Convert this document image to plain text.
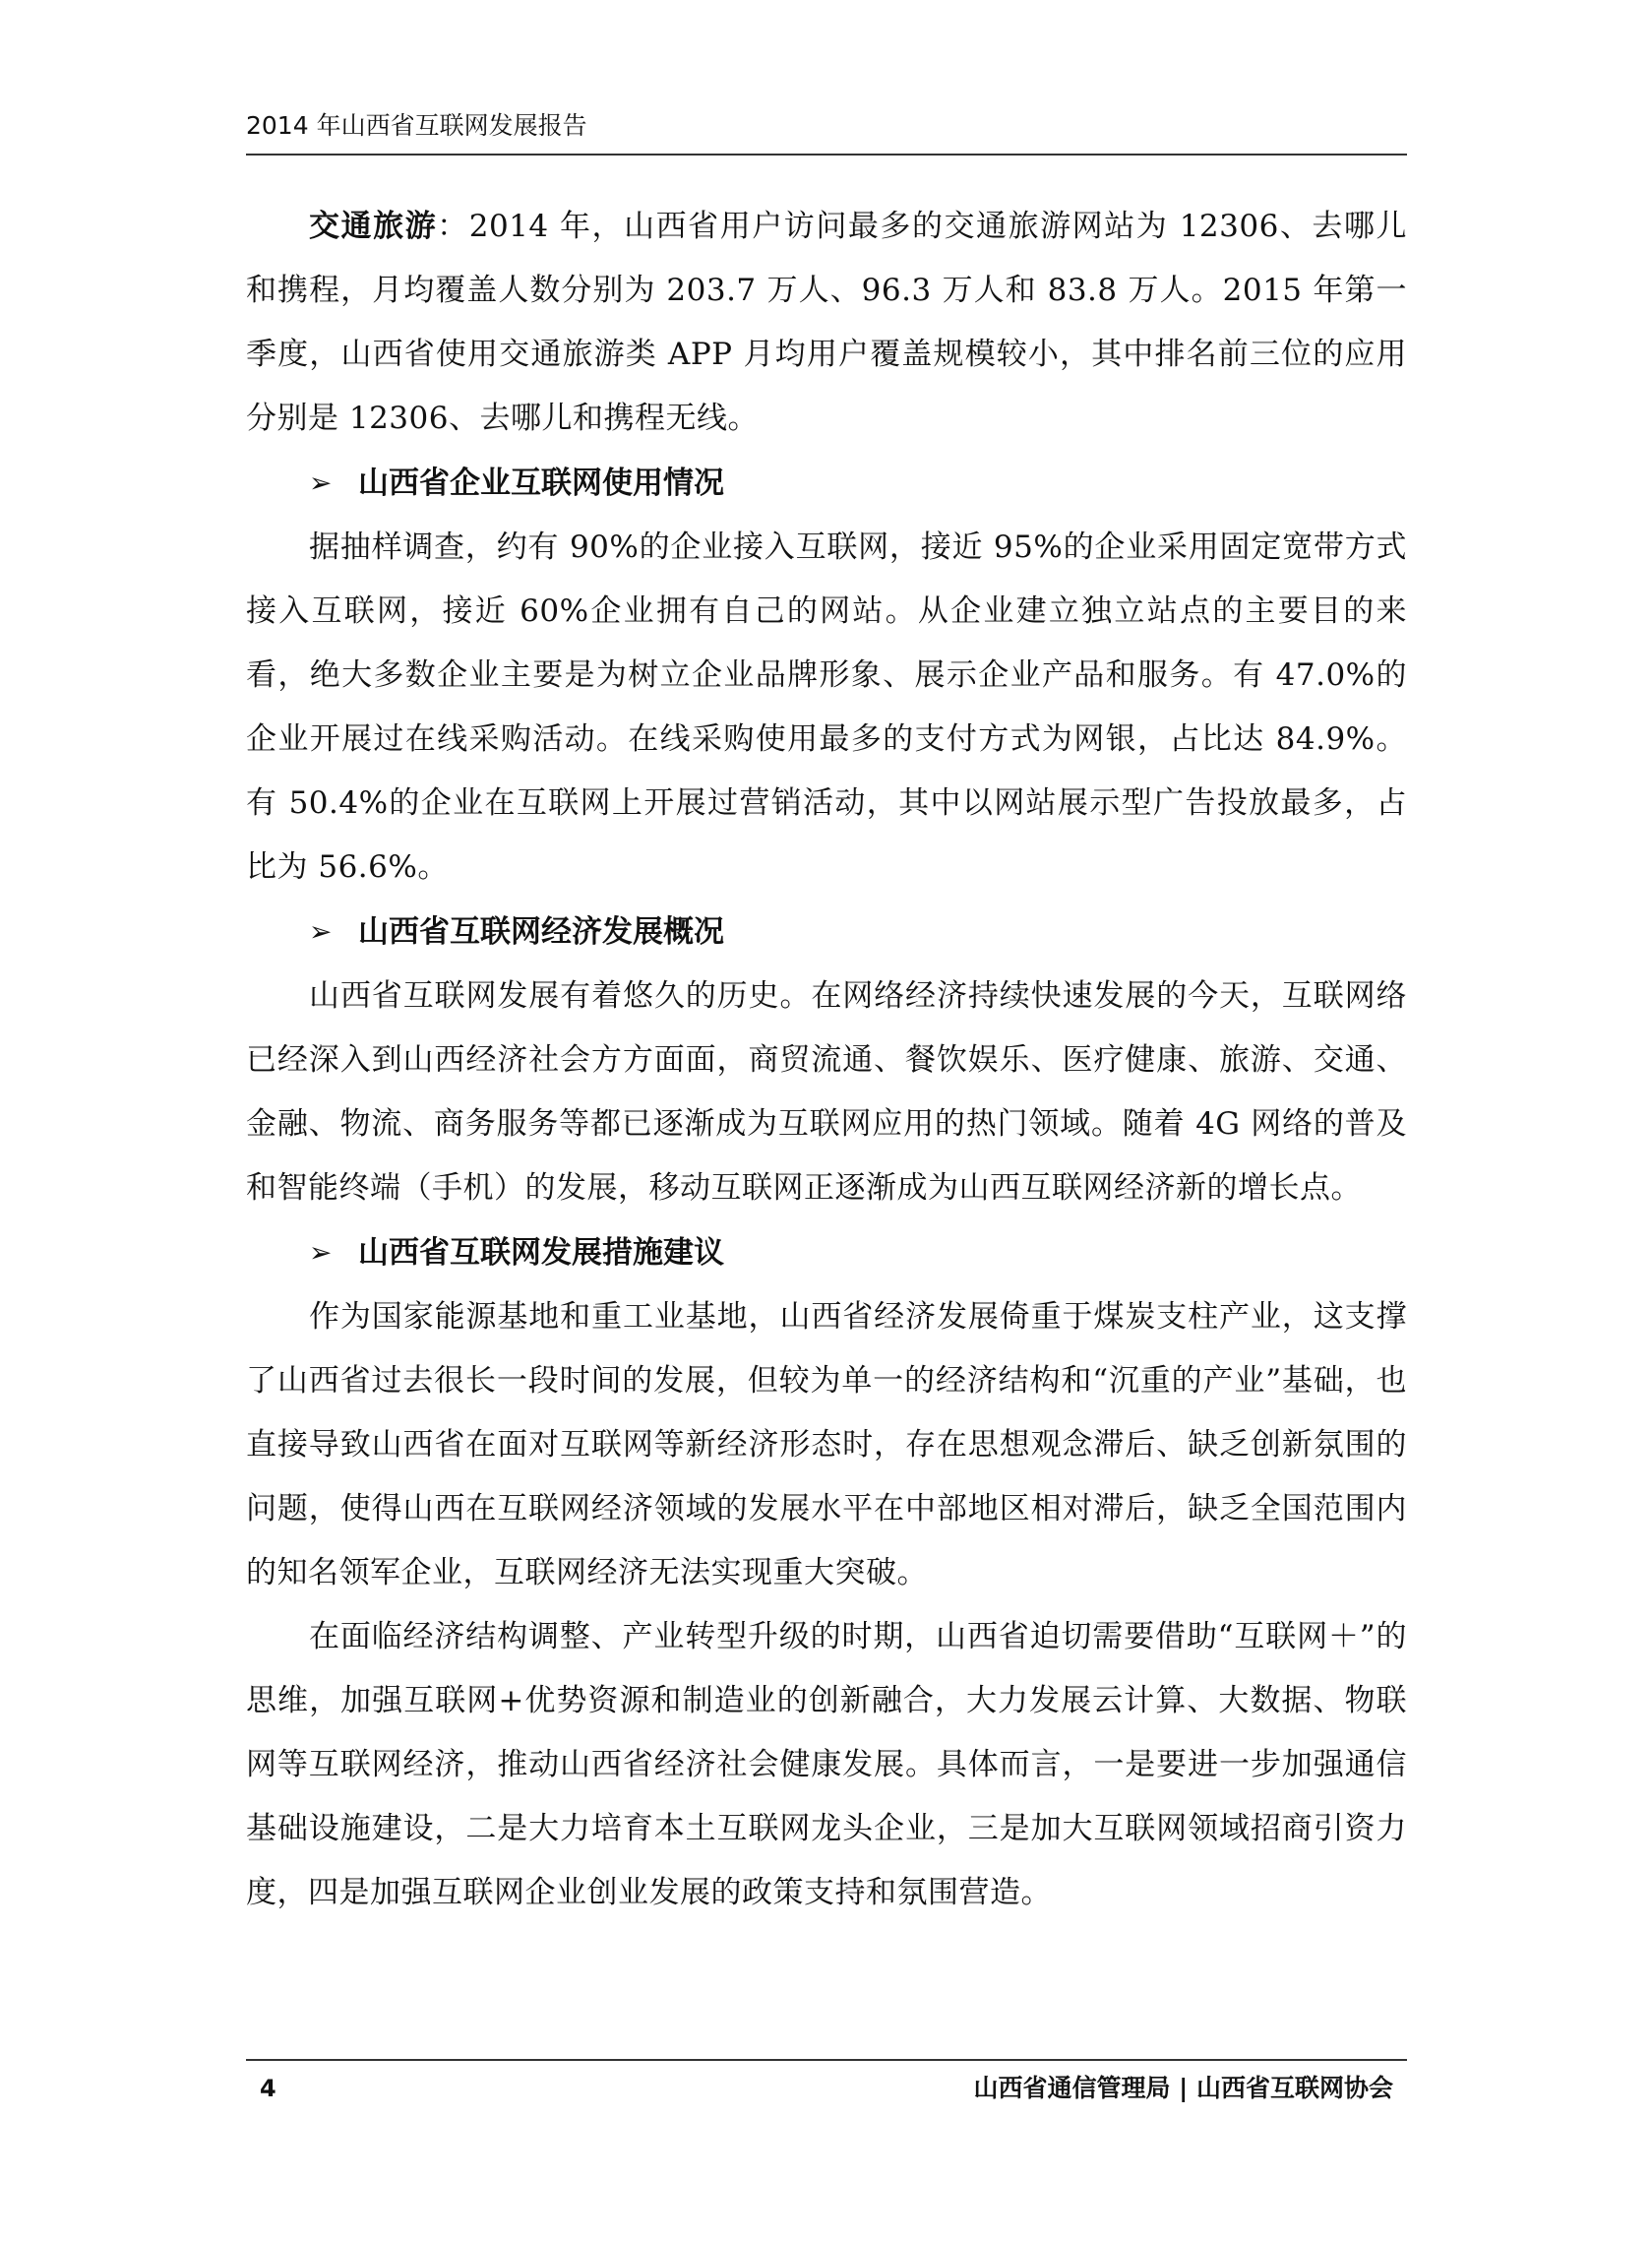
2014 年山西省互联网发展报告

交通旅游：2014 年，山西省用户访问最多的交通旅游网站为 12306、去哪儿和携程，月均覆盖人数分别为 203.7 万人、96.3 万人和 83.8 万人。2015 年第一季度，山西省使用交通旅游类 APP 月均用户覆盖规模较小，其中排名前三位的应用分别是 12306、去哪儿和携程无线。

➢ 山西省企业互联网使用情况

据抽样调查，约有 90%的企业接入互联网，接近 95%的企业采用固定宽带方式接入互联网，接近 60%企业拥有自己的网站。从企业建立独立站点的主要目的来看，绝大多数企业主要是为树立企业品牌形象、展示企业产品和服务。有 47.0%的企业开展过在线采购活动。在线采购使用最多的支付方式为网银，占比达 84.9%。有 50.4%的企业在互联网上开展过营销活动，其中以网站展示型广告投放最多，占比为 56.6%。

➢ 山西省互联网经济发展概况

山西省互联网发展有着悠久的历史。在网络经济持续快速发展的今天，互联网络已经深入到山西经济社会方方面面，商贸流通、餐饮娱乐、医疗健康、旅游、交通、金融、物流、商务服务等都已逐渐成为互联网应用的热门领域。随着 4G 网络的普及和智能终端（手机）的发展，移动互联网正逐渐成为山西互联网经济新的增长点。

➢ 山西省互联网发展措施建议

作为国家能源基地和重工业基地，山西省经济发展倚重于煤炭支柱产业，这支撑了山西省过去很长一段时间的发展，但较为单一的经济结构和“沉重的产业”基础，也直接导致山西省在面对互联网等新经济形态时，存在思想观念滞后、缺乏创新氛围的问题，使得山西在互联网经济领域的发展水平在中部地区相对滞后，缺乏全国范围内的知名领军企业，互联网经济无法实现重大突破。

在面临经济结构调整、产业转型升级的时期，山西省迫切需要借助“互联网＋”的思维，加强互联网+优势资源和制造业的创新融合，大力发展云计算、大数据、物联网等互联网经济，推动山西省经济社会健康发展。具体而言，一是要进一步加强通信基础设施建设，二是大力培育本土互联网龙头企业，三是加大互联网领域招商引资力度，四是加强互联网企业创业发展的政策支持和氛围营造。

4	山西省通信管理局 | 山西省互联网协会
